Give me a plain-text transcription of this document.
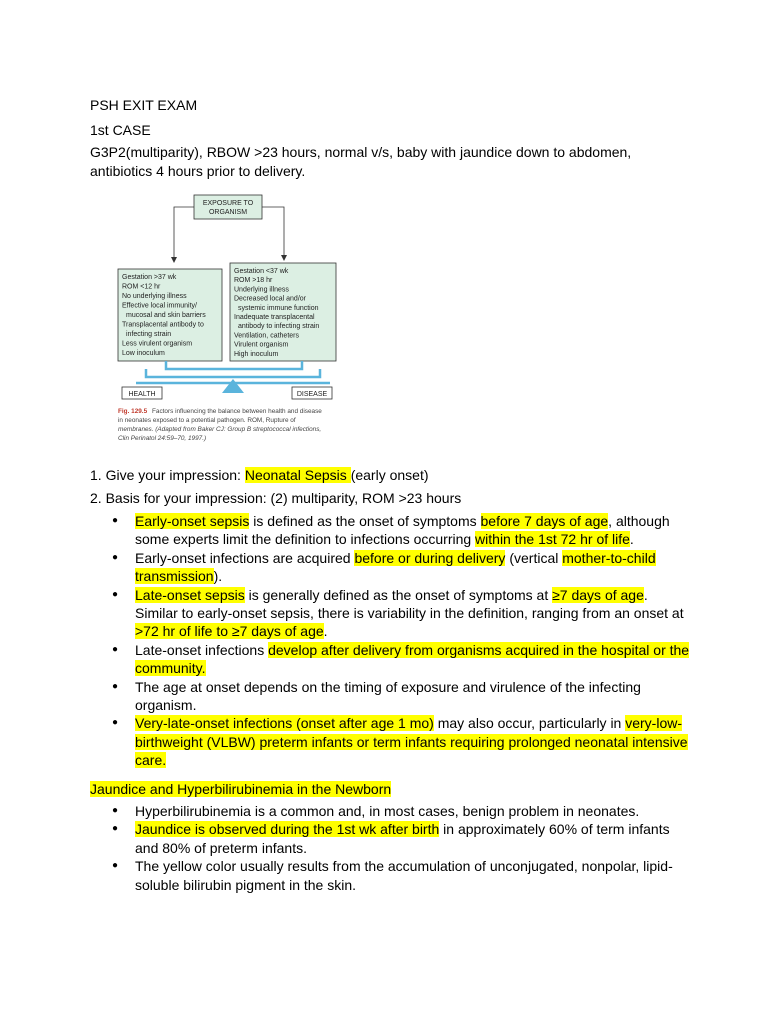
PSH EXIT EXAM

1st CASE

G3P2(multiparity), RBOW >23 hours, normal v/s, baby with jaundice down to abdomen,

antibiotics 4 hours prior to delivery.

EXPOSURE TO
ORGANISM
Gestation >37 wk
ROM <12 hr
No underlying illness
Effective local immunity/
mucosal and skin barriers
Transplacental antibody to
infecting strain
Less virulent organism
Low inoculum
Gestation <37 wk
ROM >18 hr
Underlying illness
Decreased local and/or
systemic immune function
Inadequate transplacental
antibody to infecting strain
Ventilation, catheters
Virulent organism
High inoculum
HEALTH	DISEASE
Fig. 129.5 Factors influencing the balance between health and disease
in neonates exposed to a potential pathogen. ROM, Rupture of
membranes. (Adapted from Baker CJ: Group B streptococcal infections,
Clin Perinatol 24:59–70, 1997.)

1. Give your impression: Neonatal Sepsis (early onset)

2. Basis for your impression: (2) multiparity, ROM >23 hours

● Early-onset sepsis is defined as the onset of symptoms before 7 days of age, although some experts limit the definition to infections occurring within the 1st 72 hr of life.
● Early-onset infections are acquired before or during delivery (vertical mother-to-child transmission).
● Late-onset sepsis is generally defined as the onset of symptoms at ≥7 days of age. Similar to early-onset sepsis, there is variability in the definition, ranging from an onset at >72 hr of life to ≥7 days of age.
● Late-onset infections develop after delivery from organisms acquired in the hospital or the community.
● The age at onset depends on the timing of exposure and virulence of the infecting organism.
● Very-late-onset infections (onset after age 1 mo) may also occur, particularly in very-low-birthweight (VLBW) preterm infants or term infants requiring prolonged neonatal intensive care.

Jaundice and Hyperbilirubinemia in the Newborn

● Hyperbilirubinemia is a common and, in most cases, benign problem in neonates.
● Jaundice is observed during the 1st wk after birth in approximately 60% of term infants and 80% of preterm infants.
● The yellow color usually results from the accumulation of unconjugated, nonpolar, lipid-soluble bilirubin pigment in the skin.
